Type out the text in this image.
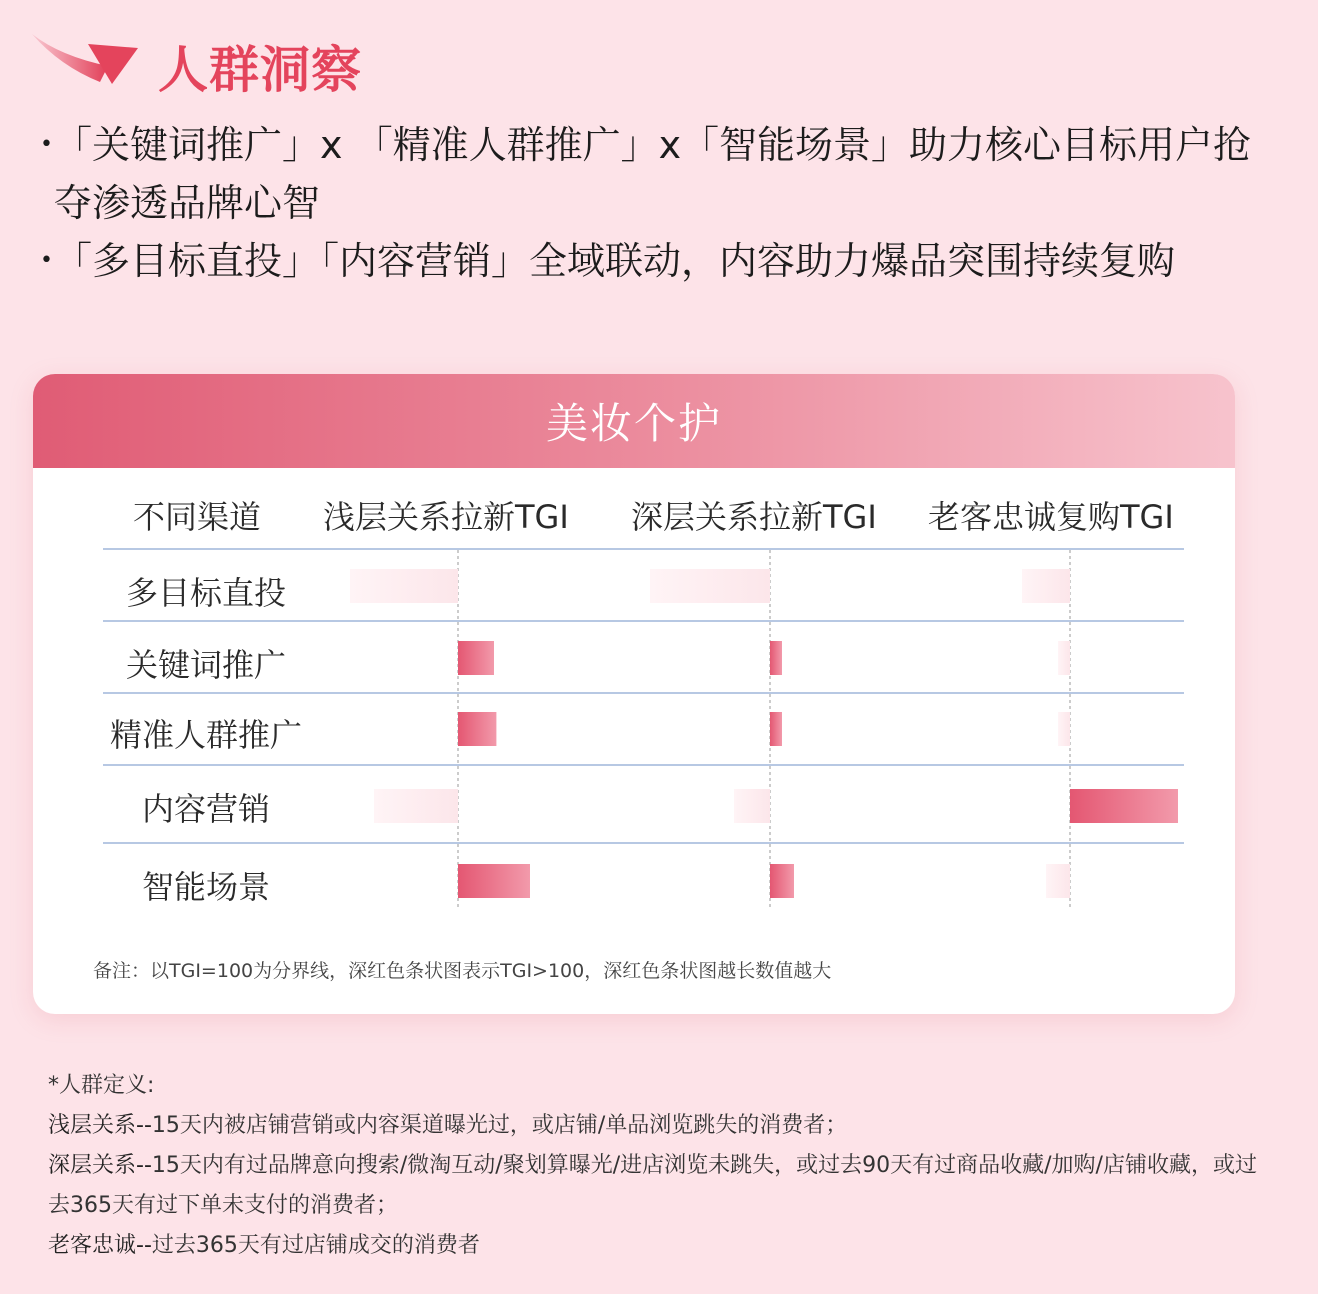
人群洞察
• 「关键词推广」x 「精准人群推广」x「智能场景」助力核心目标用户抢夺渗透品牌心智
• 「多目标直投」「内容营销」全域联动，内容助力爆品突围持续复购
美妆个护
不同渠道 浅层关系拉新TGI 深层关系拉新TGI 老客忠诚复购TGI
多目标直投
关键词推广
精准人群推广
内容营销
智能场景
备注：以TGI=100为分界线，深红色条状图表示TGI>100，深红色条状图越长数值越大

*人群定义:

浅层关系--15天内被店铺营销或内容渠道曝光过，或店铺/单品浏览跳失的消费者；

深层关系--15天内有过品牌意向搜索/微淘互动/聚划算曝光/进店浏览未跳失，或过去90天有过商品收藏/加购/店铺收藏，或过去365天有过下单未支付的消费者；

老客忠诚--过去365天有过店铺成交的消费者
